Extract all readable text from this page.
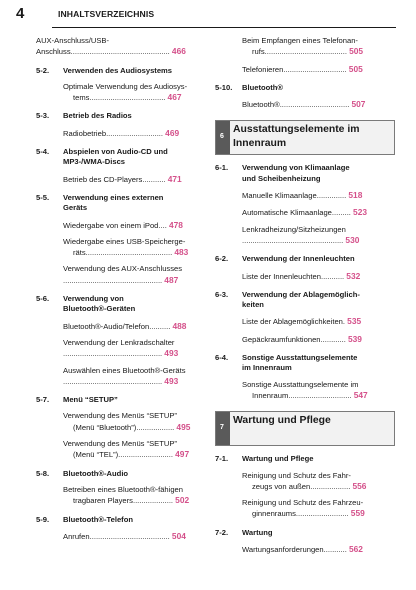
4	INHALTSVERZEICHNIS
AUX-Anschluss/USB-Anschluss............................................... 466
5-2. Verwenden des Audiosystems
Optimale Verwendung des Audiosys-
tems.................................... 467
5-3. Betrieb des Radios
Radiobetrieb........................... 469
5-4. Abspielen von Audio-CD und
MP3-/WMA-Discs
Betrieb des CD-Players........... 471
5-5. Verwendung eines externen
Geräts
Wiedergabe von einem iPod.... 478
Wiedergabe eines USB-Speicherge-
räts......................................... 483
Verwendung des AUX-Anschlusses
............................................... 487
5-6. Verwendung von
Bluetooth®-Geräten
Bluetooth®-Audio/Telefon.......... 488
Verwendung der Lenkradschalter
............................................... 493
Auswählen eines Bluetooth®-Geräts
............................................... 493
5-7. Menü “SETUP”
Verwendung des Menüs “SETUP”
(Menü “Bluetooth”).................. 495
Verwendung des Menüs “SETUP”
(Menü “TEL”).......................... 497
5-8. Bluetooth®-Audio
Betreiben eines Bluetooth®-fähigen
tragbaren Players................... 502
5-9. Bluetooth®-Telefon
Anrufen...................................... 504
Beim Empfangen eines Telefonan-
rufs....................................... 505
Telefonieren.............................. 505
5-10. Bluetooth®
Bluetooth®................................. 507
6
Ausstattungselemente im
Innenraum
6-1. Verwendung von Klimaanlage
und Scheibenheizung
Manuelle Klimaanlage.............. 518
Automatische Klimaanlage......... 523
Lenkradheizung/Sitzheizungen
................................................ 530
6-2. Verwendung der Innenleuchten
Liste der Innenleuchten........... 532
6-3. Verwendung der Ablagemöglich-
keiten
Liste der Ablagemöglichkeiten. 535
Gepäckraumfunktionen............ 539
6-4. Sonstige Ausstattungselemente
im Innenraum
Sonstige Ausstattungselemente im
Innenraum.............................. 547
7
Wartung und Pflege
7-1. Wartung und Pflege
Reinigung und Schutz des Fahr-
zeugs von außen................... 556
Reinigung und Schutz des Fahrzeu-
ginnenraums......................... 559
7-2. Wartung
Wartungsanforderungen........... 562
